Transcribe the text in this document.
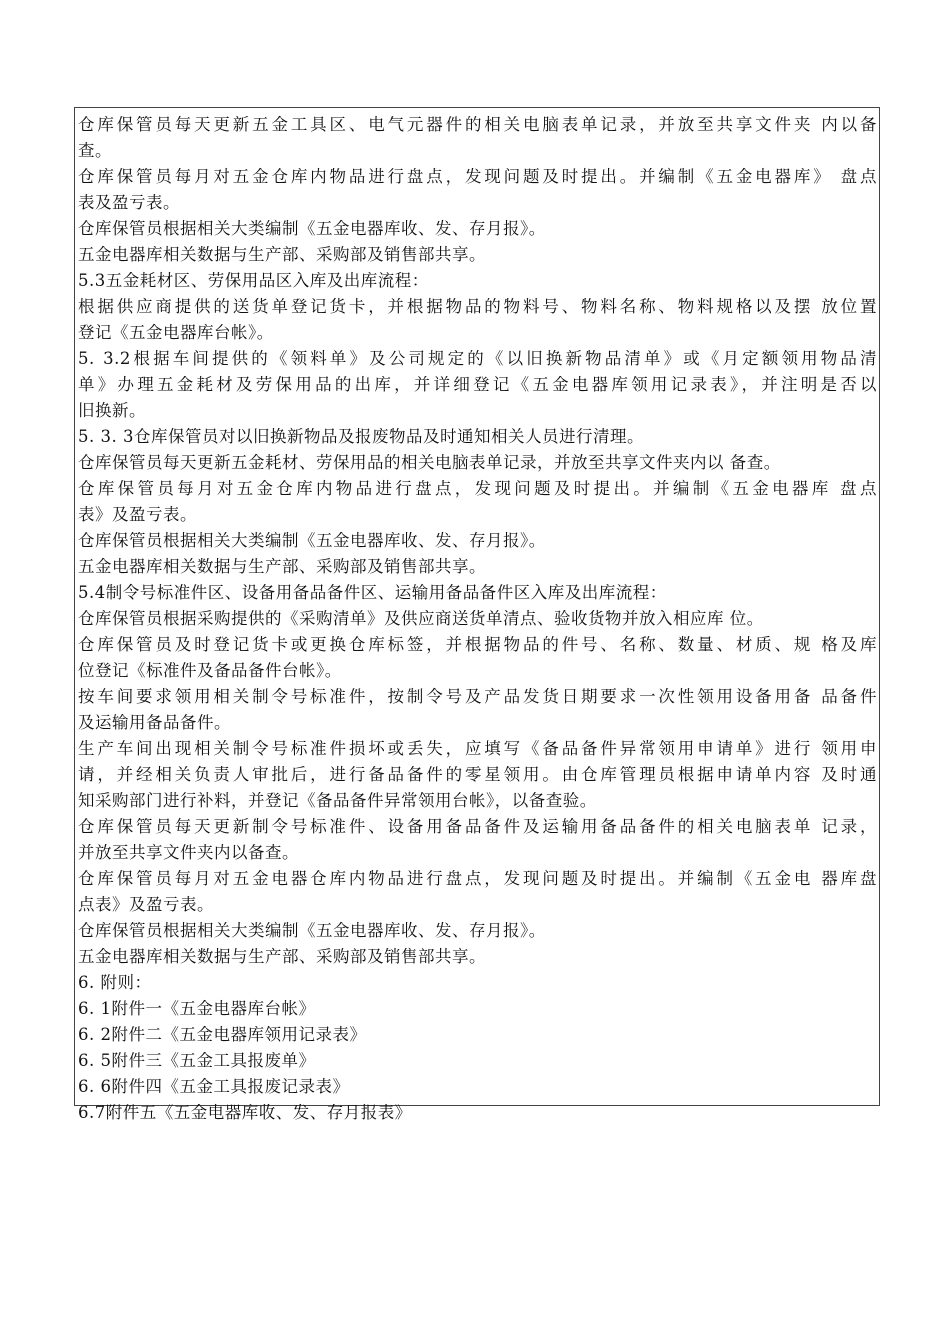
仓库保管员每天更新五金工具区、电气元器件的相关电脑表单记录，并放至共享文件夹 内以备
查。
仓库保管员每月对五金仓库内物品进行盘点，发现问题及时提出。并编制《五金电器库》 盘点
表及盈亏表。
仓库保管员根据相关大类编制《五金电器库收、发、存月报》。
五金电器库相关数据与生产部、采购部及销售部共享。
5.3五金耗材区、劳保用品区入库及出库流程：
根据供应商提供的送货单登记货卡，并根据物品的物料号、物料名称、物料规格以及摆 放位置
登记《五金电器库台帐》。
5. 3.2根据车间提供的《领料单》及公司规定的《以旧换新物品清单》或《月定额领用物品清
单》办理五金耗材及劳保用品的出库，并详细登记《五金电器库领用记录表》，并注明是否以
旧换新。
5. 3. 3仓库保管员对以旧换新物品及报废物品及时通知相关人员进行清理。
仓库保管员每天更新五金耗材、劳保用品的相关电脑表单记录，并放至共享文件夹内以 备查。
仓库保管员每月对五金仓库内物品进行盘点，发现问题及时提出。并编制《五金电器库 盘点
表》及盈亏表。
仓库保管员根据相关大类编制《五金电器库收、发、存月报》。
五金电器库相关数据与生产部、采购部及销售部共享。
5.4制令号标准件区、设备用备品备件区、运输用备品备件区入库及出库流程：
仓库保管员根据采购提供的《采购清单》及供应商送货单清点、验收货物并放入相应库 位。
仓库保管员及时登记货卡或更换仓库标签，并根据物品的件号、名称、数量、材质、规 格及库
位登记《标准件及备品备件台帐》。
按车间要求领用相关制令号标准件，按制令号及产品发货日期要求一次性领用设备用备 品备件
及运输用备品备件。
生产车间出现相关制令号标准件损坏或丢失，应填写《备品备件异常领用申请单》进行 领用申
请，并经相关负责人审批后，进行备品备件的零星领用。由仓库管理员根据申请单内容 及时通
知采购部门进行补料，并登记《备品备件异常领用台帐》，以备查验。
仓库保管员每天更新制令号标准件、设备用备品备件及运输用备品备件的相关电脑表单 记录，
并放至共享文件夹内以备查。
仓库保管员每月对五金电器仓库内物品进行盘点，发现问题及时提出。并编制《五金电 器库盘
点表》及盈亏表。
仓库保管员根据相关大类编制《五金电器库收、发、存月报》。
五金电器库相关数据与生产部、采购部及销售部共享。
6. 附则：
6. 1附件一《五金电器库台帐》
6. 2附件二《五金电器库领用记录表》
6. 5附件三《五金工具报废单》
6. 6附件四《五金工具报废记录表》
6.7附件五《五金电器库收、发、存月报表》
